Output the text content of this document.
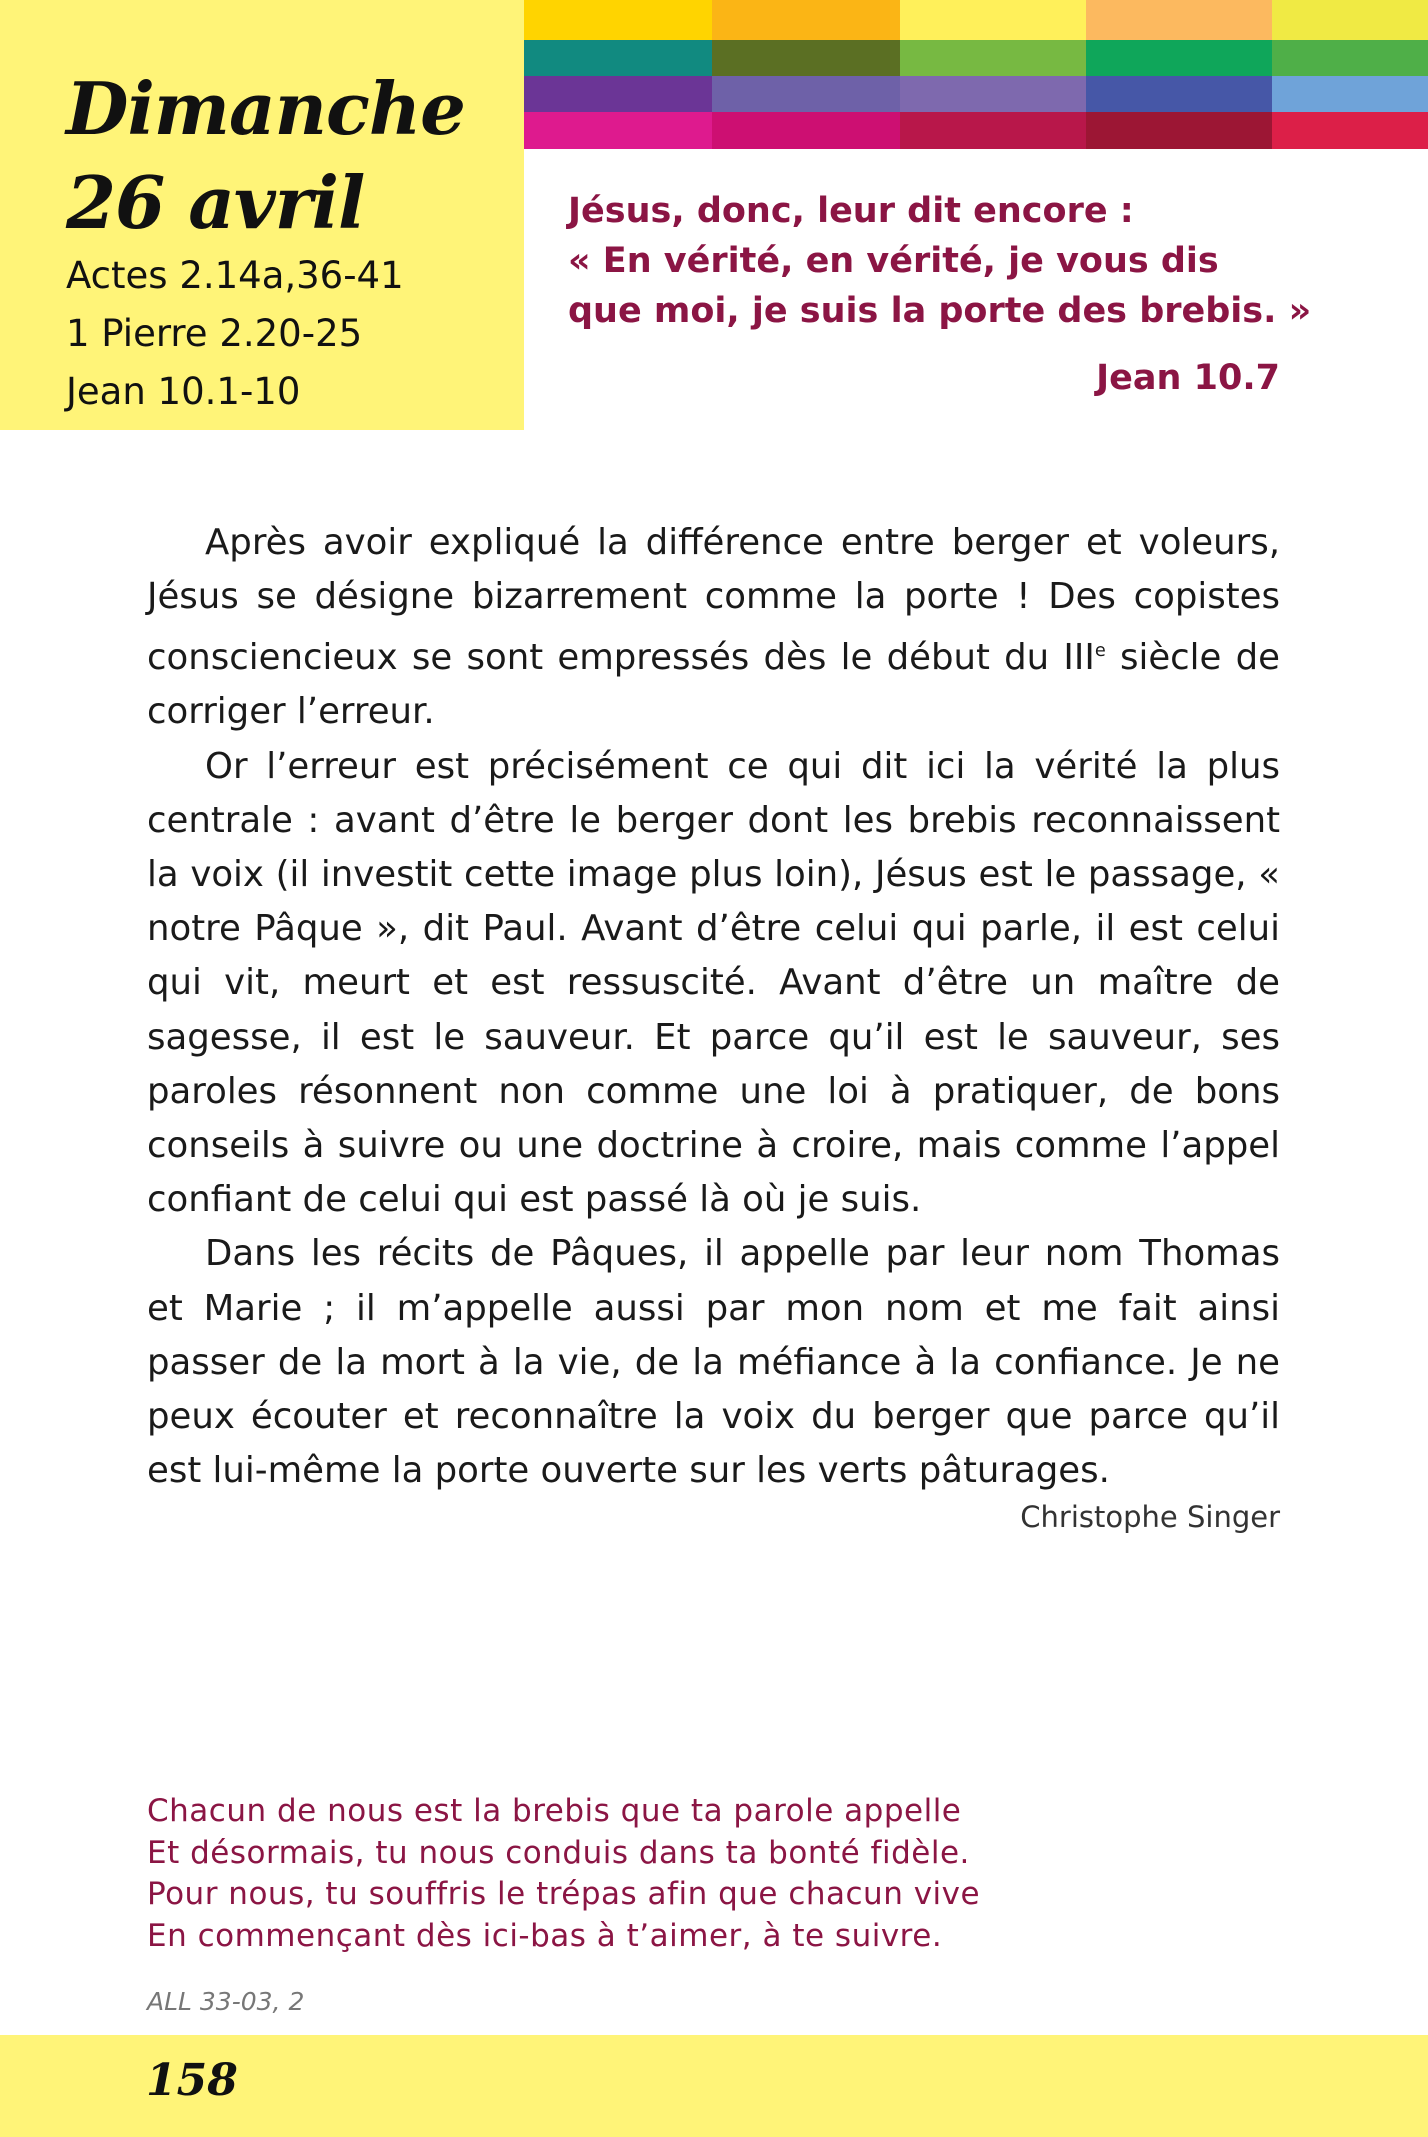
Dimanche
26 avril
Actes 2.14a,36-41
1 Pierre 2.20-25
Jean 10.1-10
Jésus, donc, leur dit encore :
« En vérité, en vérité, je vous dis
que moi, je suis la porte des brebis. »
Jean 10.7

Après avoir expliqué la différence entre berger et voleurs, Jésus se désigne bizarrement comme la porte ! Des copistes consciencieux se sont empressés dès le début du IIIe siècle de corriger l’erreur.

Or l’erreur est précisément ce qui dit ici la vérité la plus centrale : avant d’être le berger dont les brebis reconnaissent la voix (il investit cette image plus loin), Jésus est le passage, « notre Pâque », dit Paul. Avant d’être celui qui parle, il est celui qui vit, meurt et est ressuscité. Avant d’être un maître de sagesse, il est le sauveur. Et parce qu’il est le sauveur, ses paroles résonnent non comme une loi à pratiquer, de bons conseils à suivre ou une doctrine à croire, mais comme l’appel confiant de celui qui est passé là où je suis.

Dans les récits de Pâques, il appelle par leur nom Thomas et Marie ; il m’appelle aussi par mon nom et me fait ainsi passer de la mort à la vie, de la méfiance à la confiance. Je ne peux écouter et reconnaître la voix du berger que parce qu’il est lui-même la porte ouverte sur les verts pâturages.

Christophe Singer
Chacun de nous est la brebis que ta parole appelle
Et désormais, tu nous conduis dans ta bonté fidèle.
Pour nous, tu souffris le trépas afin que chacun vive
En commençant dès ici-bas à t’aimer, à te suivre.
ALL 33-03, 2
158
